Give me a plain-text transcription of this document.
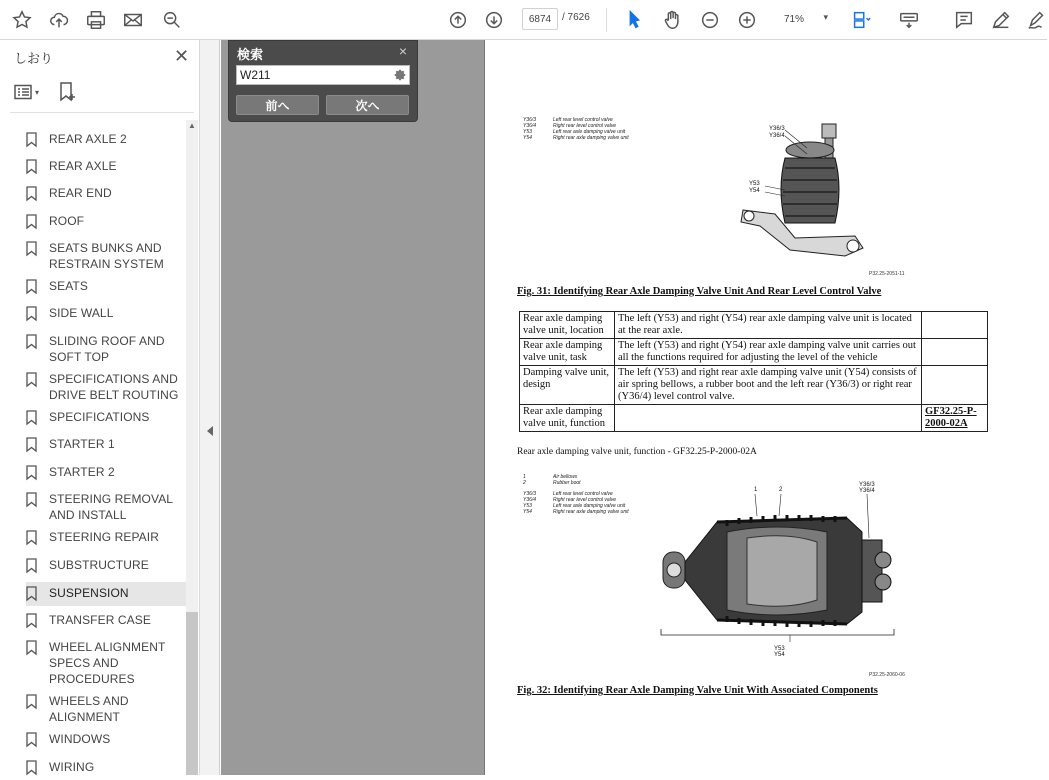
6874	/ 7626	71% ▾
しおり	✕
▾
▲
REAR AXLE 2
REAR AXLE
REAR END
ROOF
SEATS BUNKS AND RESTRAIN SYSTEM
SEATS
SIDE WALL
SLIDING ROOF AND SOFT TOP
SPECIFICATIONS AND DRIVE BELT ROUTING
SPECIFICATIONS
STARTER 1
STARTER 2
STEERING REMOVAL AND INSTALL
STEERING REPAIR
SUBSTRUCTURE
SUSPENSION
TRANSFER CASE
WHEEL ALIGNMENT SPECS AND PROCEDURES
WHEELS AND ALIGNMENT
WINDOWS
WIRING
検索	×
W211
前へ	次へ
Y36/3	Left rear level control valve
Y36/4	Right rear level control valve
Y53	Left rear axle damping valve unit
Y54	Right rear axle damping valve unit
Y36/3
Y36/4
Y53
Y54
P32.25-2051-11
Fig. 31: Identifying Rear Axle Damping Valve Unit And Rear Level Control Valve
Rear axle damping valve unit, location	The left (Y53) and right (Y54) rear axle damping valve unit is located at the rear axle.	
Rear axle damping valve unit, task	The left (Y53) and right (Y54) rear axle damping valve unit carries out all the functions required for adjusting the level of the vehicle	
Damping valve unit, design	The left (Y53) and right rear axle damping valve unit (Y54) consists of air spring bellows, a rubber boot and the left rear (Y36/3) or right rear (Y36/4) level control valve.	
Rear axle damping valve unit, function		GF32.25-P-2000-02A
Rear axle damping valve unit, function - GF32.25-P-2000-02A
1	Air bellows
2	Rubber boot
Y36/3	Left rear level control valve
Y36/4	Right rear level control valve
Y53	Left rear axle damping valve unit
Y54	Right rear axle damping valve unit
1	2
Y36/3
Y36/4
Y53
Y54
P32.25-2060-06
Fig. 32: Identifying Rear Axle Damping Valve Unit With Associated Components
